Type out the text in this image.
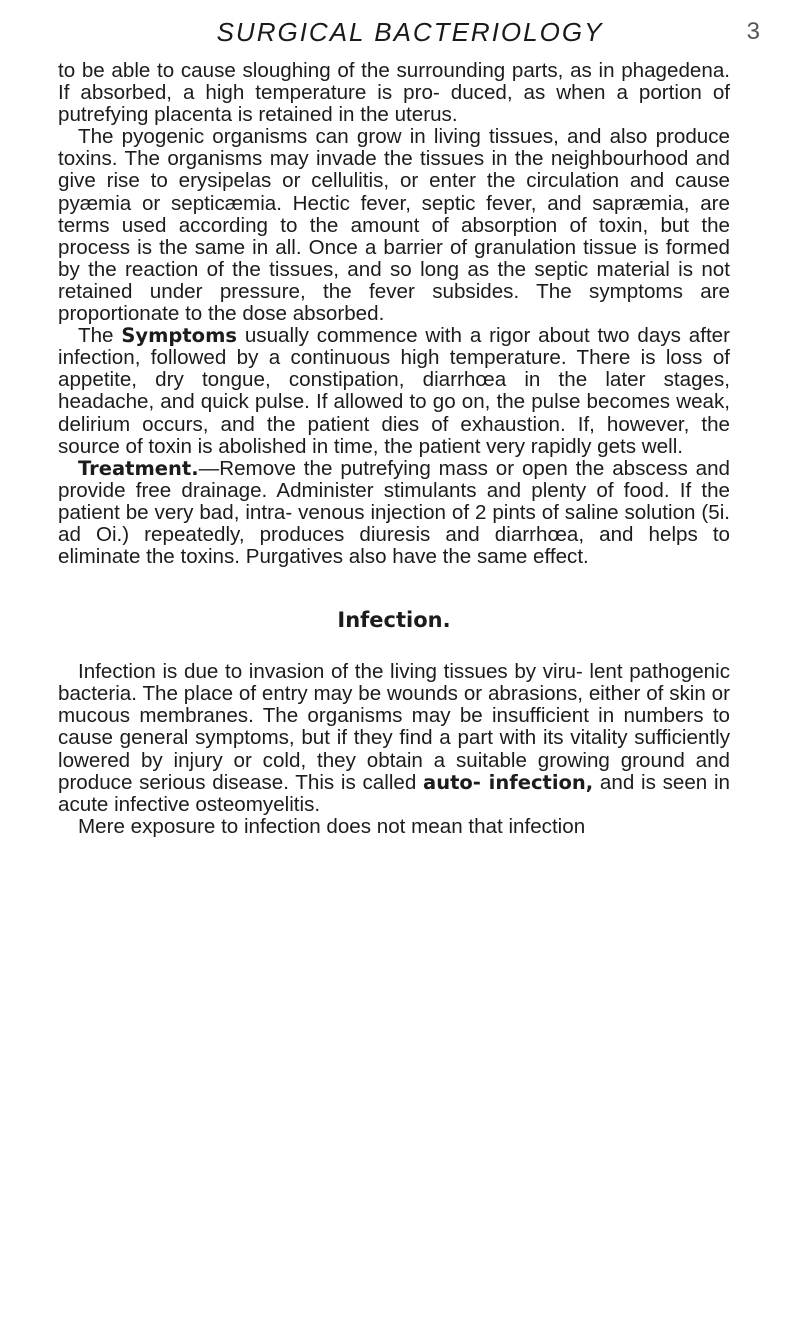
SURGICAL BACTERIOLOGY	3

to be able to cause sloughing of the surrounding parts, as in phagedena. If absorbed, a high temperature is pro- duced, as when a portion of putrefying placenta is retained in the uterus.

The pyogenic organisms can grow in living tissues, and also produce toxins. The organisms may invade the tissues in the neighbourhood and give rise to erysipelas or cellulitis, or enter the circulation and cause pyæmia or septicæmia. Hectic fever, septic fever, and sapræmia, are terms used according to the amount of absorption of toxin, but the process is the same in all. Once a barrier of granulation tissue is formed by the reaction of the tissues, and so long as the septic material is not retained under pressure, the fever subsides. The symptoms are proportionate to the dose absorbed.

The Symptoms usually commence with a rigor about two days after infection, followed by a continuous high temperature. There is loss of appetite, dry tongue, constipation, diarrhœa in the later stages, headache, and quick pulse. If allowed to go on, the pulse becomes weak, delirium occurs, and the patient dies of exhaustion. If, however, the source of toxin is abolished in time, the patient very rapidly gets well.

Treatment.—Remove the putrefying mass or open the abscess and provide free drainage. Administer stimulants and plenty of food. If the patient be very bad, intra- venous injection of 2 pints of saline solution (5i. ad Oi.) repeatedly, produces diuresis and diarrhœa, and helps to eliminate the toxins. Purgatives also have the same effect.

Infection.

Infection is due to invasion of the living tissues by viru- lent pathogenic bacteria. The place of entry may be wounds or abrasions, either of skin or mucous membranes. The organisms may be insufficient in numbers to cause general symptoms, but if they find a part with its vitality sufficiently lowered by injury or cold, they obtain a suitable growing ground and produce serious disease. This is called auto- infection, and is seen in acute infective osteomyelitis.

Mere exposure to infection does not mean that infection
